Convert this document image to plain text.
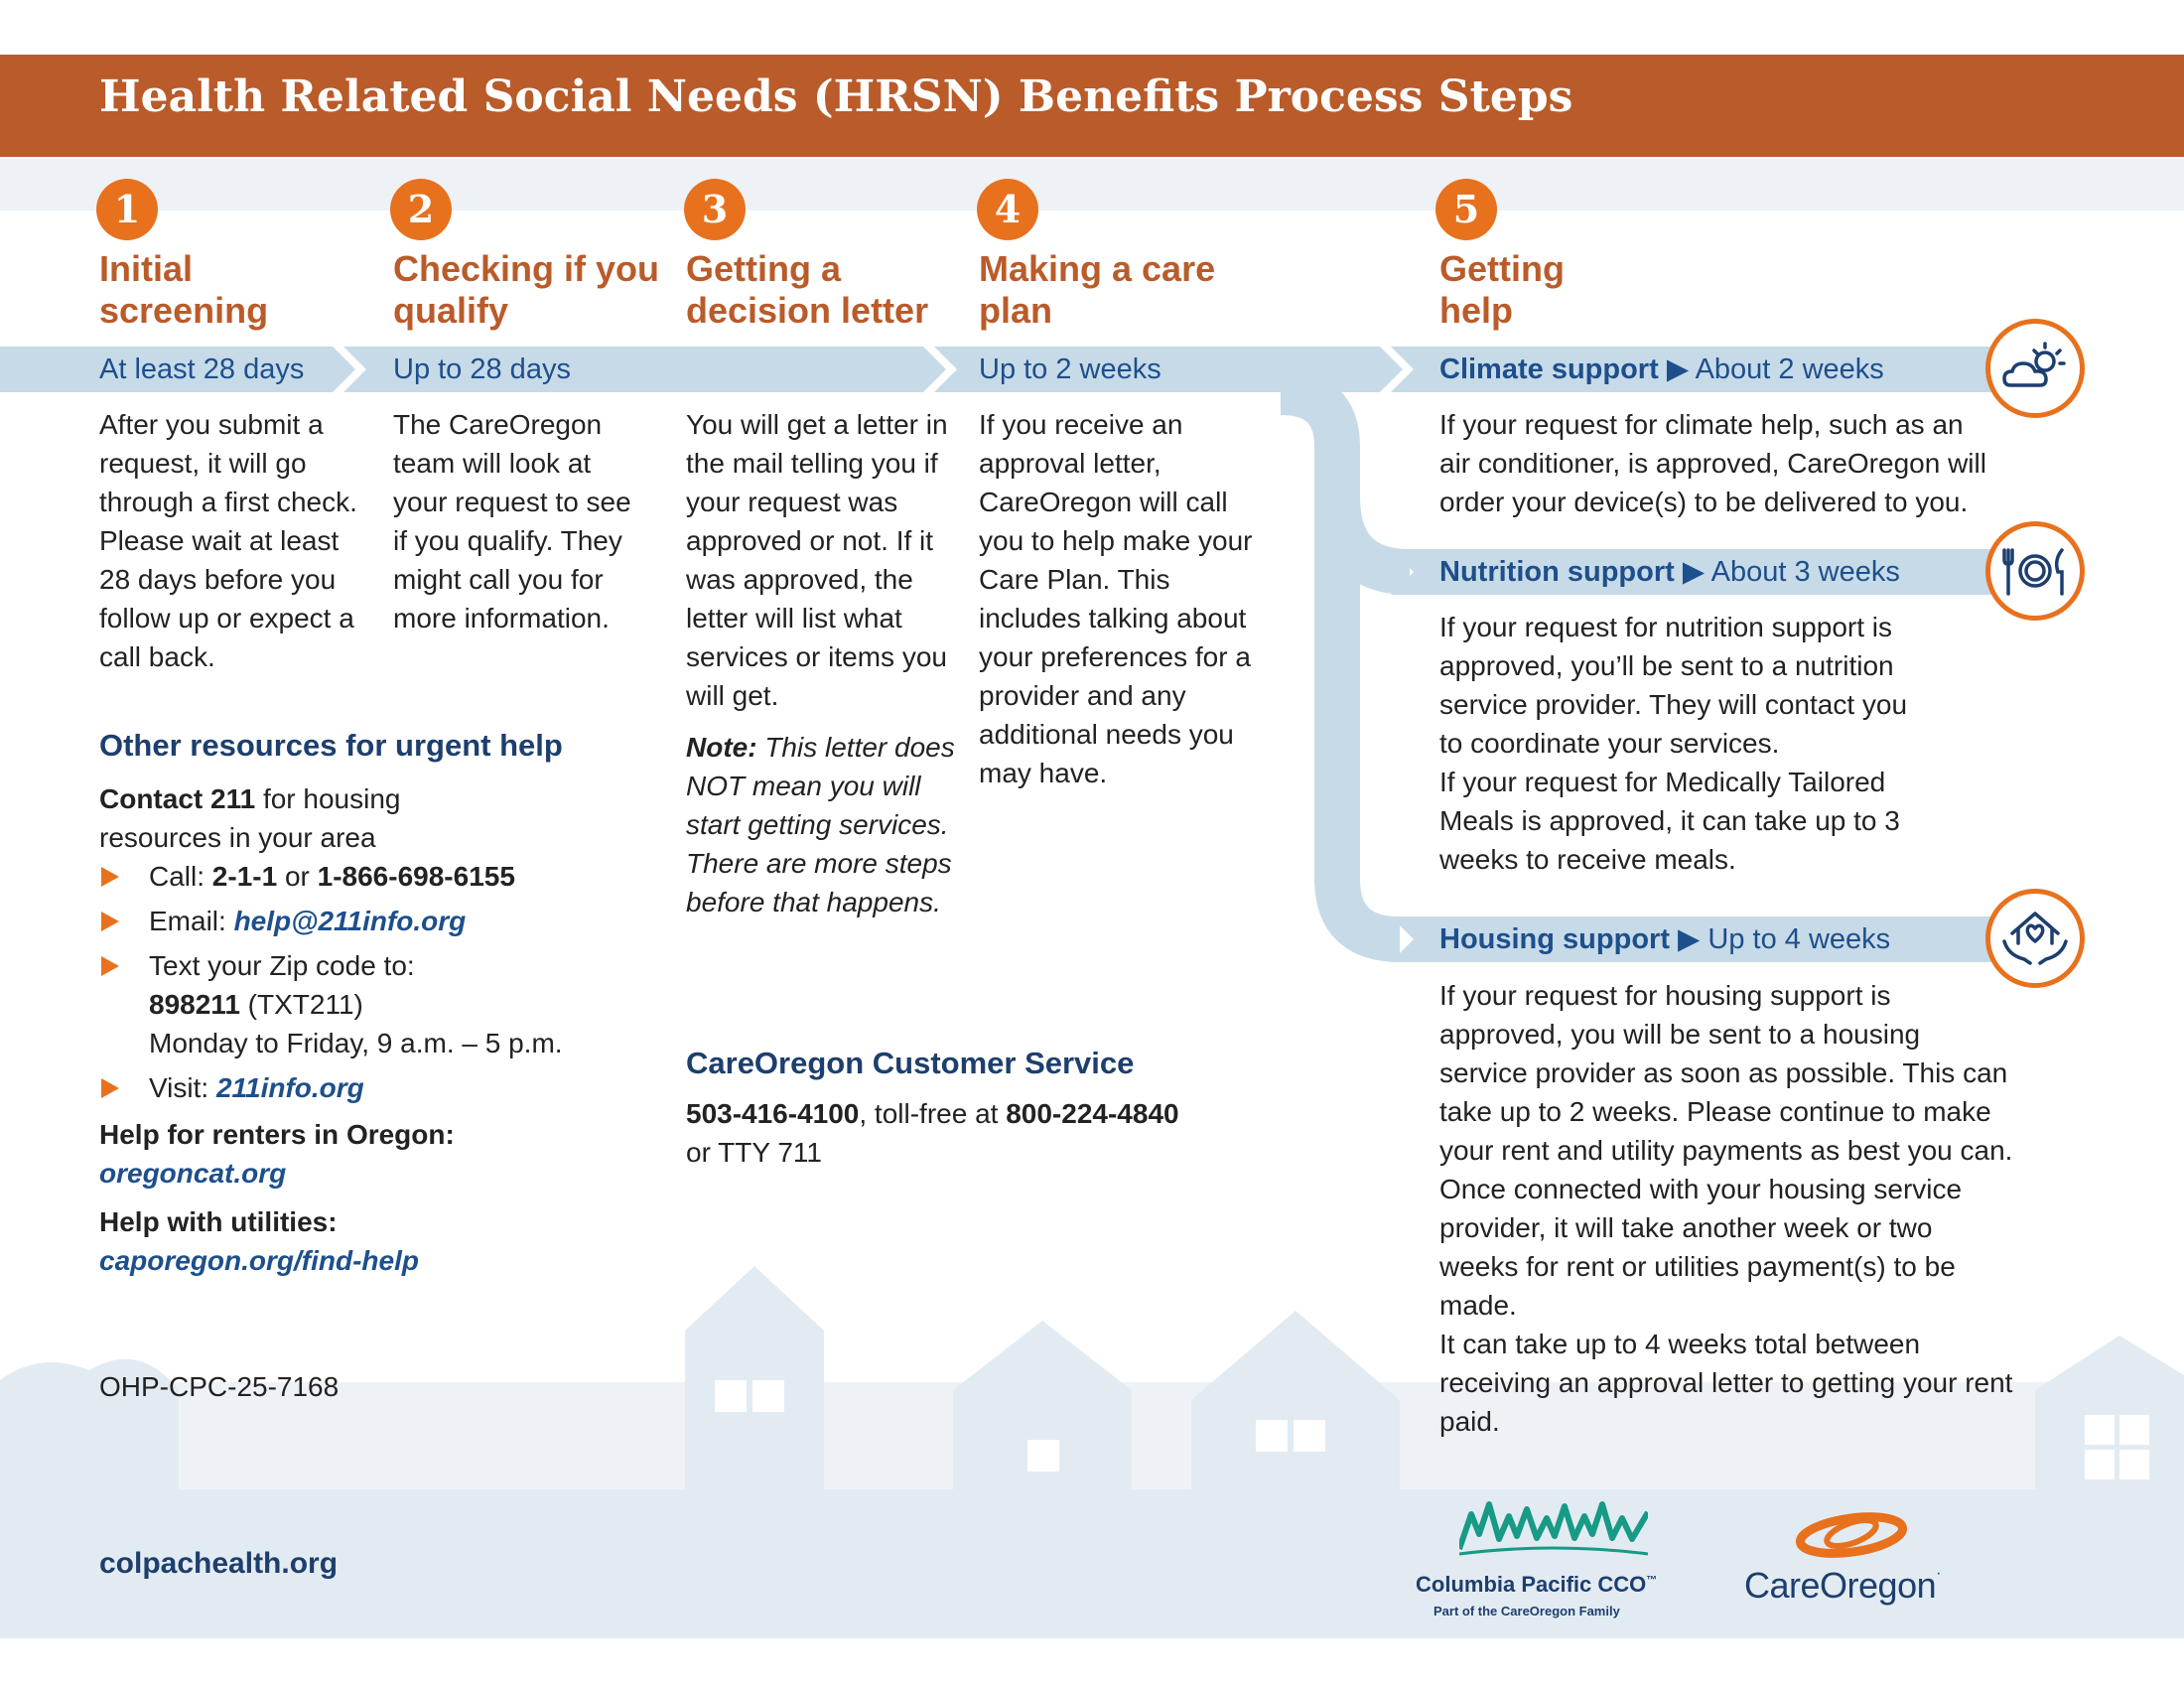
Health Related Social Needs (HRSN) Benefits Process Steps
1	2	3	4	5
Initial screening
Checking if you qualify
Getting a decision letter
Making a care plan
Getting help
At least 28 days	Up to 28 days	Up to 2 weeks	Climate support ▶ About 2 weeks
Nutrition support ▶ About 3 weeks
Housing support ▶ Up to 4 weeks
After you submit a request, it will go through a first check. Please wait at least 28 days before you follow up or expect a call back.
The CareOregon team will look at your request to see if you qualify. They might call you for more information.
You will get a letter in the mail telling you if your request was approved or not. If it was approved, the letter will list what services or items you will get.
Note: This letter does NOT mean you will start getting services. There are more steps before that happens.
If you receive an approval letter, CareOregon will call you to help make your Care Plan. This includes talking about your preferences for a provider and any additional needs you may have.

If your request for climate help, such as an air conditioner, is approved, CareOregon will order your device(s) to be delivered to you.

If your request for nutrition support is approved, you’ll be sent to a nutrition service provider. They will contact you to coordinate your services.

If your request for Medically Tailored Meals is approved, it can take up to 3 weeks to receive meals.

If your request for housing support is approved, you will be sent to a housing service provider as soon as possible. This can take up to 2 weeks. Please continue to make your rent and utility payments as best you can.

Once connected with your housing service provider, it will take another week or two weeks for rent or utilities payment(s) to be made.

It can take up to 4 weeks total between receiving an approval letter to getting your rent paid.

Other resources for urgent help

Contact 211 for housing resources in your area

Call: 2-1-1 or 1-866-698-6155
Email: help@211info.org
Text your Zip code to:
898211 (TXT211)
Monday to Friday, 9 a.m. – 5 p.m.
Visit: 211info.org

Help for renters in Oregon:

oregoncat.org

Help with utilities:

caporegon.org/find-help

OHP-CPC-25-7168
CareOregon Customer Service
503-416-4100, toll-free at 800-224-4840
or TTY 711
colpachealth.org
Columbia Pacific CCO™
Part of the CareOregon Family
CareOregon·
